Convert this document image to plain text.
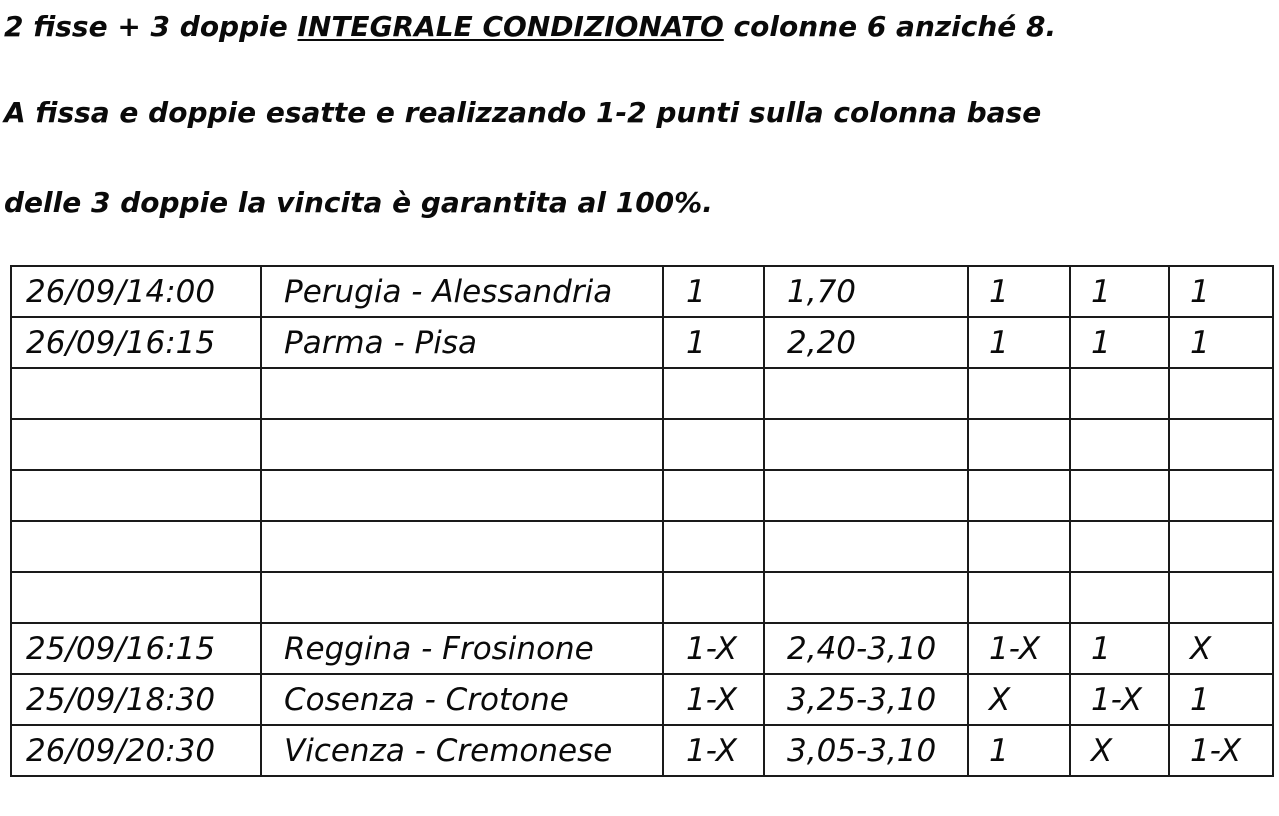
2 fisse + 3 doppie INTEGRALE CONDIZIONATO colonne 6 anziché 8.

A fissa e doppie esatte e realizzando 1-2 punti sulla colonna base

delle 3 doppie la vincita è garantita al 100%.

26/09/14:00	Perugia - Alessandria	1	1,70	1	1	1
26/09/16:15	Parma - Pisa	1	2,20	1	1	1

25/09/16:15	Reggina - Frosinone	1-X	2,40-3,10	1-X	1	X
25/09/18:30	Cosenza - Crotone	1-X	3,25-3,10	X	1-X	1
26/09/20:30	Vicenza - Cremonese	1-X	3,05-3,10	1	X	1-X
